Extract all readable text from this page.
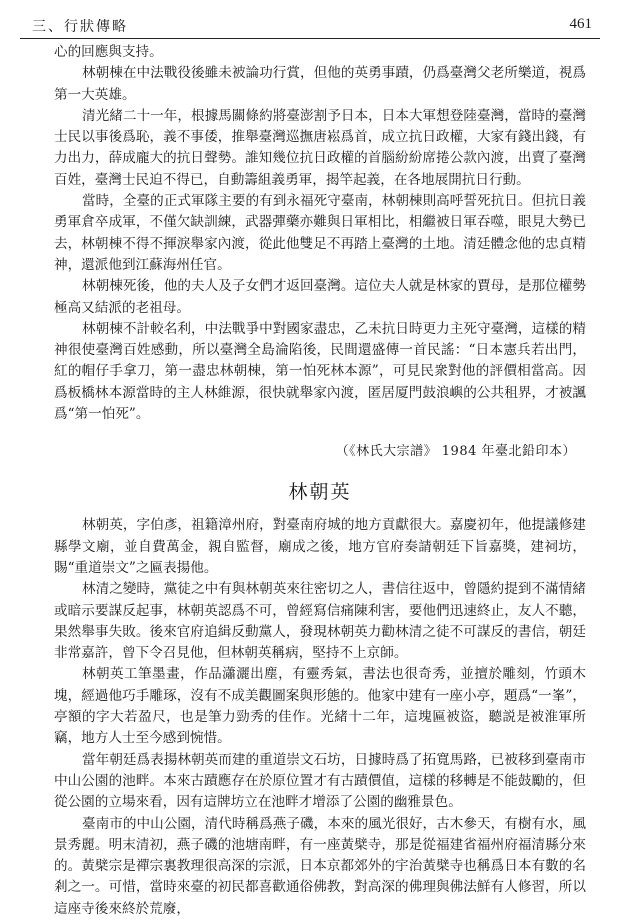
三、行狀傳略	461

心的回應與支持。

林朝棟在中法戰役後雖未被論功行賞，但他的英勇事蹟，仍爲臺灣父老所樂道，視爲第一大英雄。

清光緒二十一年，根據馬關條約將臺澎割予日本，日本大軍想登陸臺灣，當時的臺灣士民以事後爲恥，義不事倭，推舉臺灣巡撫唐崧爲首，成立抗日政權，大家有錢出錢，有力出力，薛成龐大的抗日聲勢。誰知幾位抗日政權的首腦紛紛席捲公款內渡，出賣了臺灣百姓，臺灣士民迫不得已，自動籌組義勇軍，揭竿起義，在各地展開抗日行動。

當時，全臺的正式軍隊主要的有到永福死守臺南，林朝棟則高呼誓死抗日。但抗日義勇軍倉卒成軍，不僅欠缺訓練，武器彈藥亦難與日軍相比，相繼被日軍吞噬，眼見大勢已去，林朝棟不得不揮淚舉家內渡，從此他雙足不再踏上臺灣的土地。清廷體念他的忠貞精神，還派他到江蘇海州任官。

林朝棟死後，他的夫人及子女們才返回臺灣。這位夫人就是林家的賈母，是那位權勢極高又結派的老祖母。

林朝棟不計較名利，中法戰爭中對國家盡忠，乙未抗日時更力主死守臺灣，這樣的精神很使臺灣百姓感動，所以臺灣全島淪陷後，民間還盛傳一首民謠：“日本憲兵若出門，紅的帽仔手拿刀，第一盡忠林朝棟，第一怕死林本源”，可見民衆對他的評價相當高。因爲板橋林本源當時的主人林維源，很快就舉家內渡，匿居厦門鼓浪嶼的公共租界，才被諷爲“第一怕死”。

（《林氏大宗譜》 1984 年臺北鉛印本）
林朝英

林朝英，字伯彥，祖籍漳州府，對臺南府城的地方貢獻很大。嘉慶初年，他提議修建縣學文廟，並自費萬金，親自監督，廟成之後，地方官府奏請朝廷下旨嘉獎，建祠坊，賜“重道崇文”之匾表揚他。

林清之變時，黨徒之中有與林朝英來往密切之人，書信往返中，曾隱約提到不滿情緒或暗示要謀反起事，林朝英認爲不可，曾經寫信痛陳利害，要他們迅速終止，友人不聽，果然舉事失敗。後來官府追緝反動黨人，發現林朝英力勸林清之徒不可謀反的書信，朝廷非常嘉許，曾下令召見他，但林朝英稱病，堅持不上京師。

林朝英工筆墨畫，作品瀟灑出塵，有靈秀氣，書法也很奇秀，並擅於雕刻，竹頭木塊，經過他巧手雕琢，沒有不成美觀圖案與形態的。他家中建有一座小亭，題爲“一峯”，亭額的字大若盈尺，也是筆力勁秀的佳作。光緒十二年，這塊匾被盜，聽説是被淮軍所竊，地方人士至今感到惋惜。

當年朝廷爲表揚林朝英而建的重道崇文石坊，日據時爲了拓寬馬路，已被移到臺南市中山公園的池畔。本來古蹟應存在於原位置才有古蹟價值，這樣的移轉是不能鼓勵的，但從公園的立場來看，因有這牌坊立在池畔才增添了公園的幽雅景色。

臺南市的中山公園，清代時稱爲燕子磯，本來的風光很好，古木參天，有樹有水，風景秀麗。明末清初，燕子磯的池塘南畔，有一座黃檗寺，那是從福建省福州府福清縣分來的。黃檗宗是禪宗裏教理很高深的宗派，日本京都郊外的宇治黃檗寺也稱爲日本有數的名剎之一。可惜，當時來臺的初民都喜歡通俗佛教，對高深的佛理與佛法鮮有人修習，所以這座寺後來終於荒廢，
